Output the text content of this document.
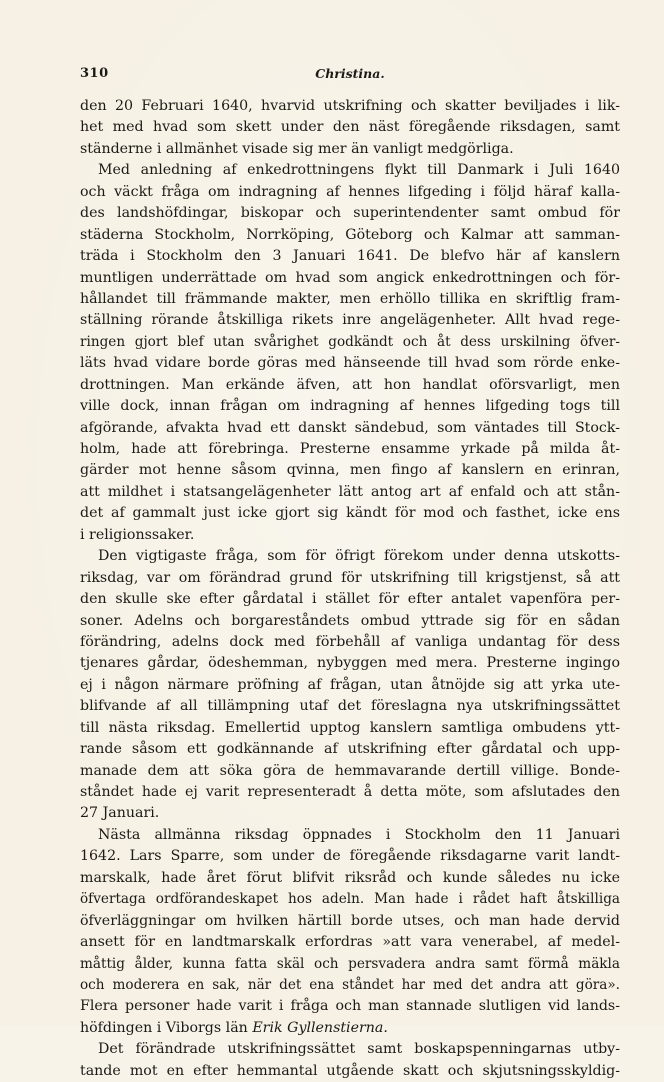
310	Christina.
den 20 Februari 1640, hvarvid utskrifning och skatter beviljades i lik-
het med hvad som skett under den näst föregående riksdagen, samt
ständerne i allmänhet visade sig mer än vanligt medgörliga.
Med anledning af enkedrottningens flykt till Danmark i Juli 1640
och väckt fråga om indragning af hennes lifgeding i följd häraf kalla-
des landshöfdingar, biskopar och superintendenter samt ombud för
städerna Stockholm, Norrköping, Göteborg och Kalmar att samman-
träda i Stockholm den 3 Januari 1641. De blefvo här af kanslern
muntligen underrättade om hvad som angick enkedrottningen och för-
hållandet till främmande makter, men erhöllo tillika en skriftlig fram-
ställning rörande åtskilliga rikets inre angelägenheter. Allt hvad rege-
ringen gjort blef utan svårighet godkändt och åt dess urskilning öfver-
läts hvad vidare borde göras med hänseende till hvad som rörde enke-
drottningen. Man erkände äfven, att hon handlat oförsvarligt, men
ville dock, innan frågan om indragning af hennes lifgeding togs till
afgörande, afvakta hvad ett danskt sändebud, som väntades till Stock-
holm, hade att förebringa. Presterne ensamme yrkade på milda åt-
gärder mot henne såsom qvinna, men fingo af kanslern en erinran,
att mildhet i statsangelägenheter lätt antog art af enfald och att stån-
det af gammalt just icke gjort sig kändt för mod och fasthet, icke ens
i religionssaker.
Den vigtigaste fråga, som för öfrigt förekom under denna utskotts-
riksdag, var om förändrad grund för utskrifning till krigstjenst, så att
den skulle ske efter gårdatal i stället för efter antalet vapenföra per-
soner. Adelns och borgareståndets ombud yttrade sig för en sådan
förändring, adelns dock med förbehåll af vanliga undantag för dess
tjenares gårdar, ödeshemman, nybyggen med mera. Presterne ingingo
ej i någon närmare pröfning af frågan, utan åtnöjde sig att yrka ute-
blifvande af all tillämpning utaf det föreslagna nya utskrifningssättet
till nästa riksdag. Emellertid upptog kanslern samtliga ombudens ytt-
rande såsom ett godkännande af utskrifning efter gårdatal och upp-
manade dem att söka göra de hemmavarande dertill villige. Bonde-
ståndet hade ej varit representeradt å detta möte, som afslutades den
27 Januari.
Nästa allmänna riksdag öppnades i Stockholm den 11 Januari
1642. Lars Sparre, som under de föregående riksdagarne varit landt-
marskalk, hade året förut blifvit riksråd och kunde således nu icke
öfvertaga ordförandeskapet hos adeln. Man hade i rådet haft åtskilliga
öfverläggningar om hvilken härtill borde utses, och man hade dervid
ansett för en landtmarskalk erfordras »att vara venerabel, af medel-
måttig ålder, kunna fatta skäl och persvadera andra samt förmå mäkla
och moderera en sak, när det ena ståndet har med det andra att göra».
Flera personer hade varit i fråga och man stannade slutligen vid lands-
höfdingen i Viborgs län Erik Gyllenstierna.
Det förändrade utskrifningssättet samt boskapspenningarnas utby-
tande mot en efter hemmantal utgående skatt och skjutsningsskyldig-
